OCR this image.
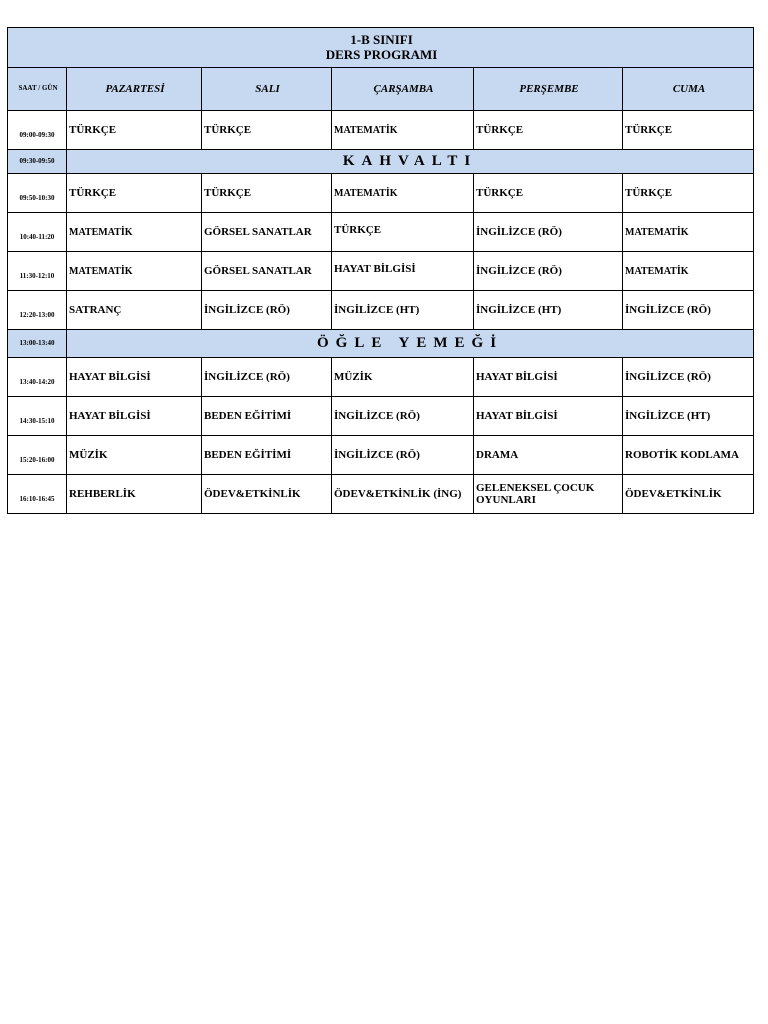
1-B SINIFI
DERS PROGRAMI					

SAAT / GÜN	PAZARTESİ	SALI	ÇARŞAMBA	PERŞEMBE	CUMA
09:00-09:30	TÜRKÇE	TÜRKÇE	MATEMATİK	TÜRKÇE	TÜRKÇE
09:30-09:50	KAHVALTI				
09:50-10:30	TÜRKÇE	TÜRKÇE	MATEMATİK	TÜRKÇE	TÜRKÇE
10:40-11:20	MATEMATİK	GÖRSEL SANATLAR	TÜRKÇE	İNGİLİZCE (RÖ)	MATEMATİK
11:30-12:10	MATEMATİK	GÖRSEL SANATLAR	HAYAT BİLGİSİ	İNGİLİZCE (RÖ)	MATEMATİK
12:20-13:00	SATRANÇ	İNGİLİZCE (RÖ)	İNGİLİZCE (HT)	İNGİLİZCE (HT)	İNGİLİZCE (RÖ)
13:00-13:40	ÖĞLE YEMEĞİ				
13:40-14:20	HAYAT BİLGİSİ	İNGİLİZCE (RÖ)	MÜZİK	HAYAT BİLGİSİ	İNGİLİZCE (RÖ)
14:30-15:10	HAYAT BİLGİSİ	BEDEN EĞİTİMİ	İNGİLİZCE (RÖ)	HAYAT BİLGİSİ	İNGİLİZCE (HT)
15:20-16:00	MÜZİK	BEDEN EĞİTİMİ	İNGİLİZCE (RÖ)	DRAMA	ROBOTİK KODLAMA
16:10-16:45	REHBERLİK	ÖDEV&ETKİNLİK	ÖDEV&ETKİNLİK (İNG)	GELENEKSEL ÇOCUK OYUNLARI	ÖDEV&ETKİNLİK
